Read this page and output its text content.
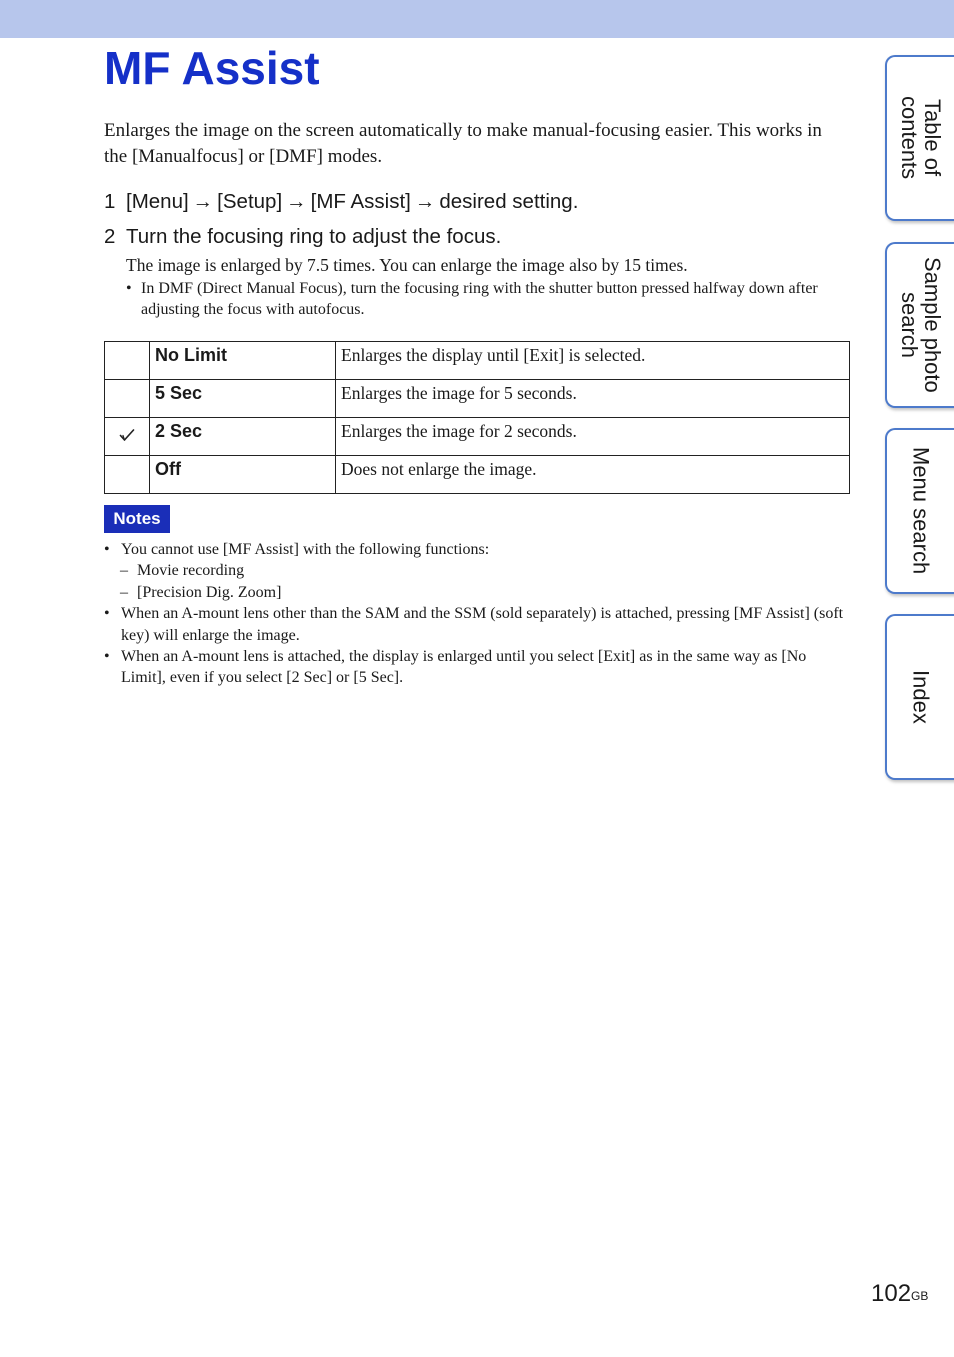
MF Assist
Enlarges the image on the screen automatically to make manual-focusing easier. This works in the [Manualfocus] or [DMF] modes.
1 [Menu] → [Setup] → [MF Assist] → desired setting.
2 Turn the focusing ring to adjust the focus.
The image is enlarged by 7.5 times. You can enlarge the image also by 15 times.
• In DMF (Direct Manual Focus), turn the focusing ring with the shutter button pressed halfway down after adjusting the focus with autofocus.
	No Limit	Enlarges the display until [Exit] is selected.
	5 Sec	Enlarges the image for 5 seconds.
	2 Sec	Enlarges the image for 2 seconds.
	Off	Does not enlarge the image.
Notes
• You cannot use [MF Assist] with the following functions:
– Movie recording
– [Precision Dig. Zoom]
• When an A-mount lens other than the SAM and the SSM (sold separately) is attached, pressing [MF Assist] (soft key) will enlarge the image.
• When an A-mount lens is attached, the display is enlarged until you select [Exit] as in the same way as [No Limit], even if you select [2 Sec] or [5 Sec].
Table of contents
Sample photo search
Menu search
Index
$102^{GB}$
